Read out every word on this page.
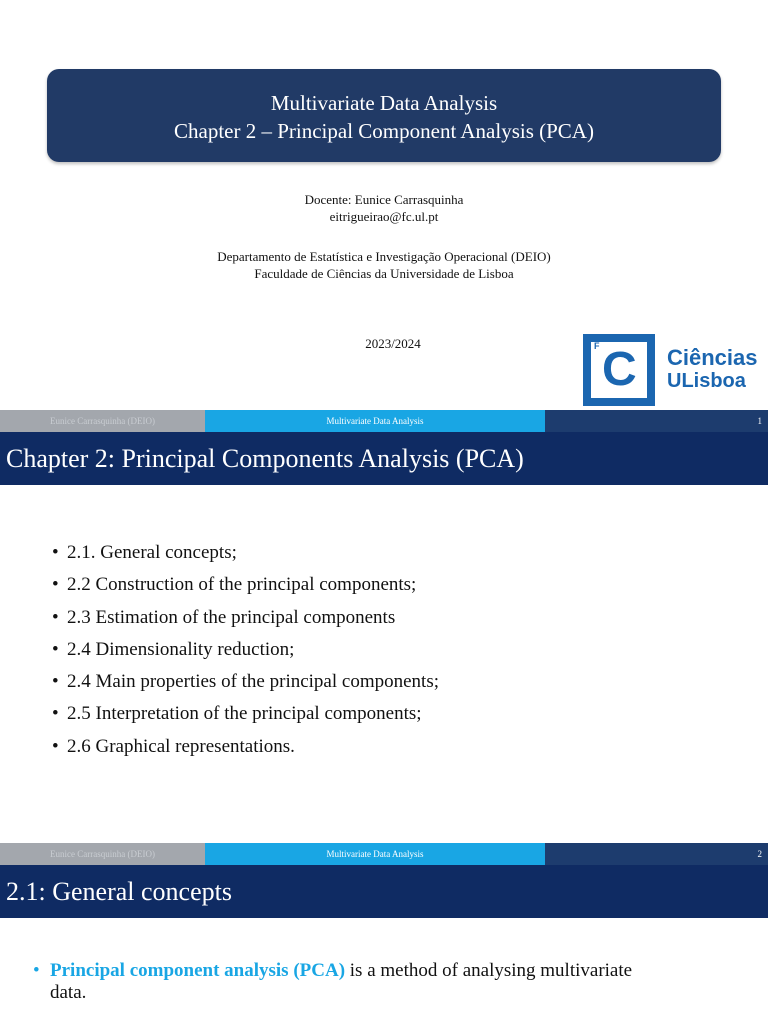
Multivariate Data Analysis
Chapter 2 – Principal Component Analysis (PCA)
Docente: Eunice Carrasquinha
eitrigueirao@fc.ul.pt
Departamento de Estatística e Investigação Operacional (DEIO)
Faculdade de Ciências da Universidade de Lisboa
2023/2024	F C Ciências
ULisboa
Eunice Carrasquinha (DEIO)	Multivariate Data Analysis	1
Chapter 2: Principal Components Analysis (PCA)
• 2.1. General concepts;
• 2.2 Construction of the principal components;
• 2.3 Estimation of the principal components
• 2.4 Dimensionality reduction;
• 2.4 Main properties of the principal components;
• 2.5 Interpretation of the principal components;
• 2.6 Graphical representations.
Eunice Carrasquinha (DEIO)	Multivariate Data Analysis	2
2.1: General concepts
• Principal component analysis (PCA) is a method of analysing multivariate
data.
